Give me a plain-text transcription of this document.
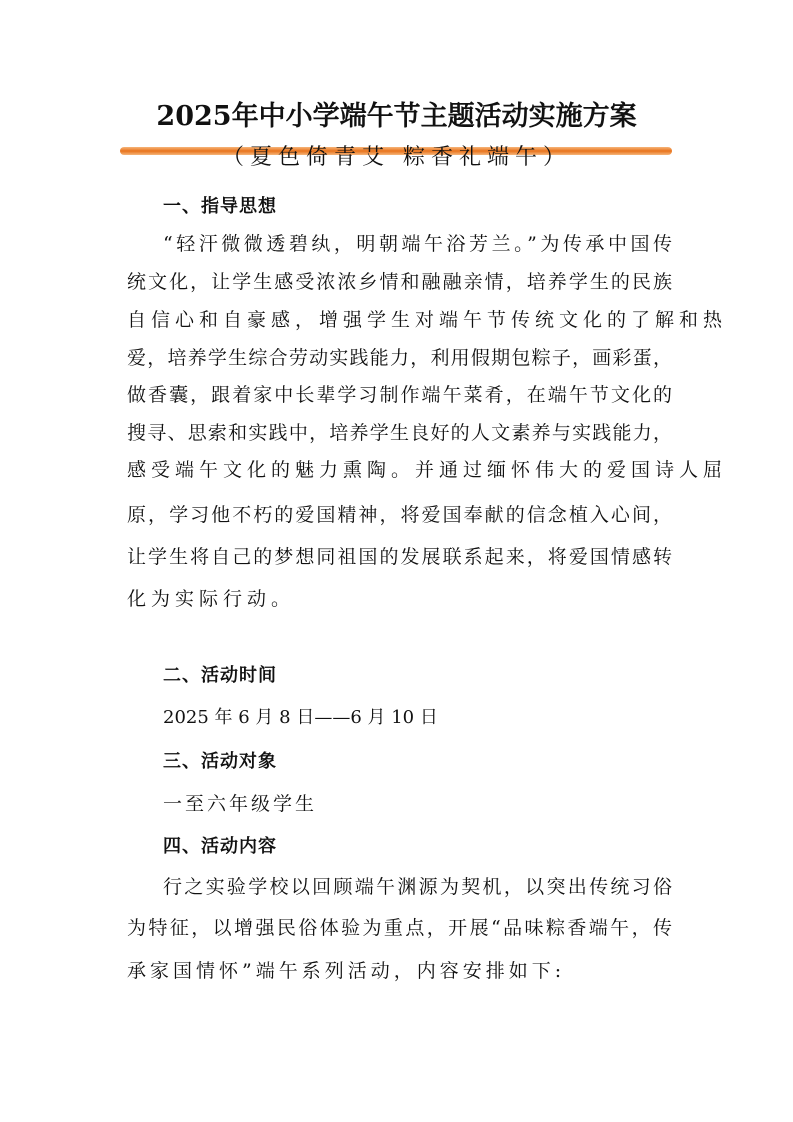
2025年中小学端午节主题活动实施方案
（夏色倚青艾 粽香礼端午）
一、指导思想
“轻汗微微透碧纨，明朝端午浴芳兰。”为传承中国传
统文化，让学生感受浓浓乡情和融融亲情，培养学生的民族
自信心和自豪感，增强学生对端午节传统文化的了解和热
爱，培养学生综合劳动实践能力，利用假期包粽子，画彩蛋，
做香囊，跟着家中长辈学习制作端午菜肴，在端午节文化的
搜寻、思索和实践中，培养学生良好的人文素养与实践能力，
感受端午文化的魅力熏陶。并通过缅怀伟大的爱国诗人屈
原，学习他不朽的爱国精神，将爱国奉献的信念植入心间，
让学生将自己的梦想同祖国的发展联系起来，将爱国情感转
化为实际行动。
二、活动时间
2025 年 6 月 8 日——6 月 10 日
三、活动对象
一至六年级学生
四、活动内容
行之实验学校以回顾端午渊源为契机，以突出传统习俗
为特征，以增强民俗体验为重点，开展“品味粽香端午，传
承家国情怀”端午系列活动，内容安排如下:
